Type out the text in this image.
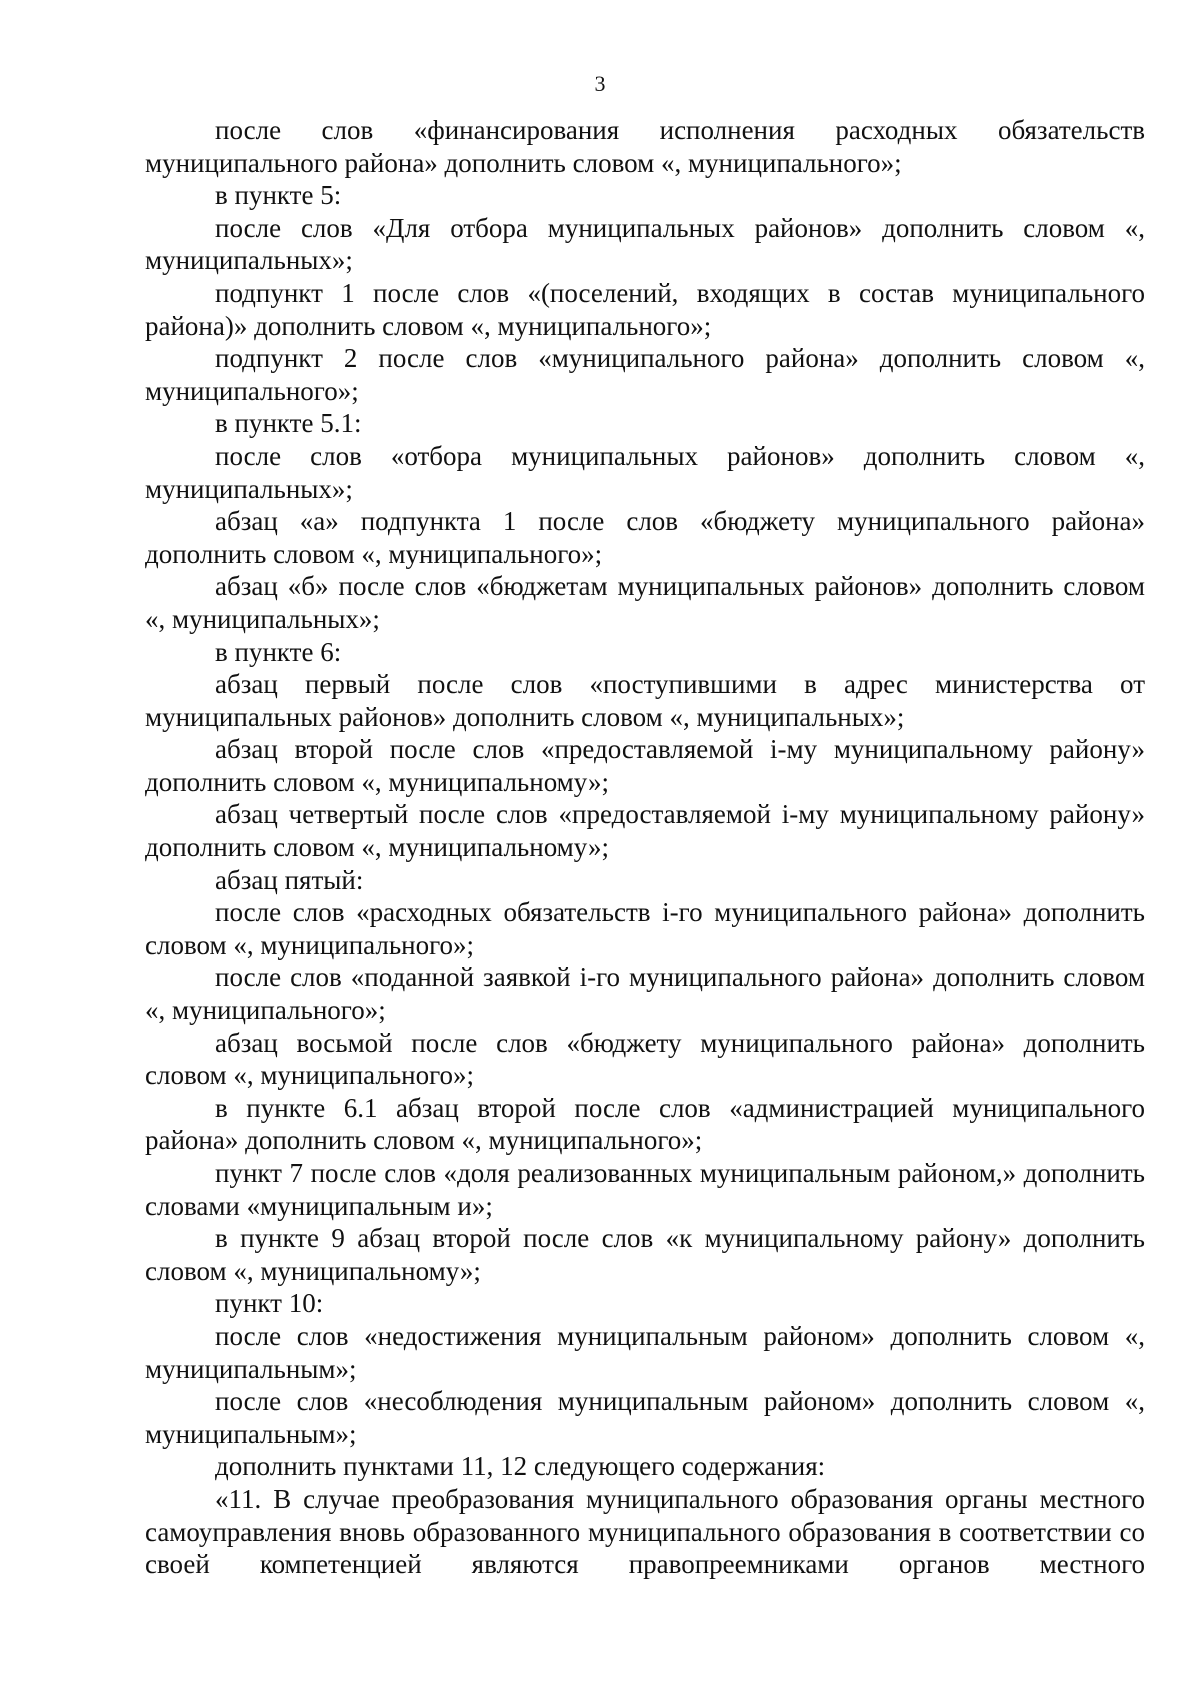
3

после слов «финансирования исполнения расходных обязательств муниципального района» дополнить словом «, муниципального»;

в пункте 5:

после слов «Для отбора муниципальных районов» дополнить словом «, муниципальных»;

подпункт 1 после слов «(поселений, входящих в состав муниципального района)» дополнить словом «, муниципального»;

подпункт 2 после слов «муниципального района» дополнить словом «, муниципального»;

в пункте 5.1:

после слов «отбора муниципальных районов» дополнить словом «, муниципальных»;

абзац «а» подпункта 1 после слов «бюджету муниципального района» дополнить словом «, муниципального»;

абзац «б» после слов «бюджетам муниципальных районов» дополнить словом «, муниципальных»;

в пункте 6:

абзац первый после слов «поступившими в адрес министерства от муниципальных районов» дополнить словом «, муниципальных»;

абзац второй после слов «предоставляемой i-му муниципальному району» дополнить словом «, муниципальному»;

абзац четвертый после слов «предоставляемой i-му муниципальному району» дополнить словом «, муниципальному»;

абзац пятый:

после слов «расходных обязательств i-го муниципального района» дополнить словом «, муниципального»;

после слов «поданной заявкой i-го муниципального района» дополнить словом «, муниципального»;

абзац восьмой после слов «бюджету муниципального района» дополнить словом «, муниципального»;

в пункте 6.1 абзац второй после слов «администрацией муниципального района» дополнить словом «, муниципального»;

пункт 7 после слов «доля реализованных муниципальным районом,» дополнить словами «муниципальным и»;

в пункте 9 абзац второй после слов «к муниципальному району» дополнить словом «, муниципальному»;

пункт 10:

после слов «недостижения муниципальным районом» дополнить словом «, муниципальным»;

после слов «несоблюдения муниципальным районом» дополнить словом «, муниципальным»;

дополнить пунктами 11, 12 следующего содержания:

«11. В случае преобразования муниципального образования органы местного самоуправления вновь образованного муниципального образования в соответствии со своей компетенцией являются правопреемниками органов местного
